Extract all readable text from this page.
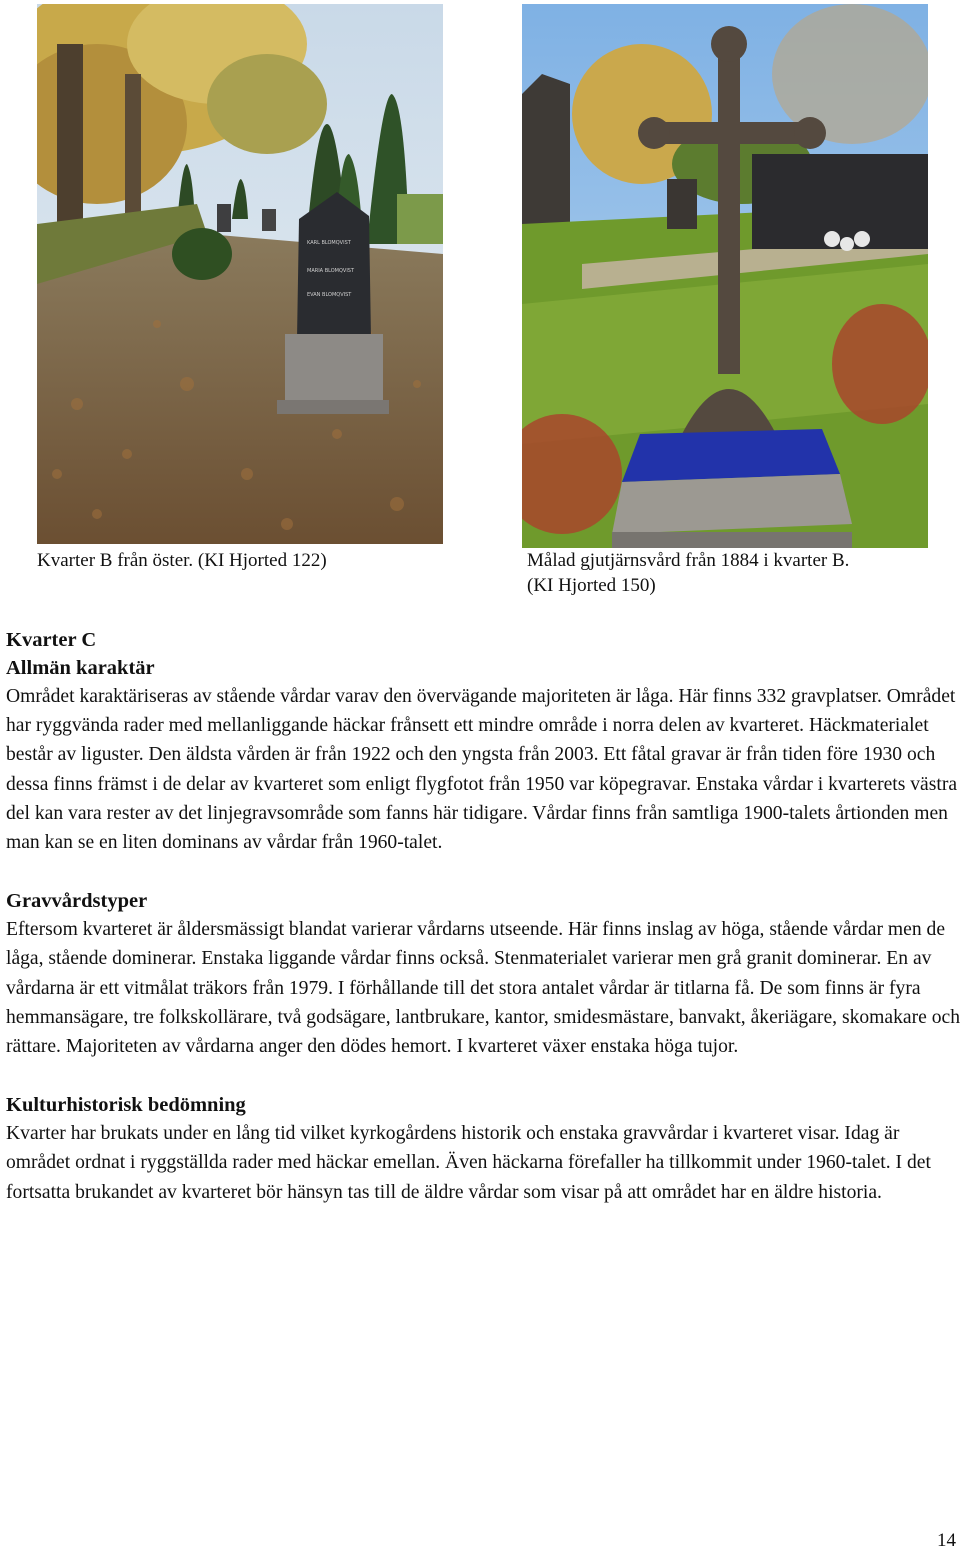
KARL BLOMQVIST
MARIA BLOMQVIST
EVAN BLOMQVIST
Kvarter B från öster. (KI Hjorted 122)	Målad gjutjärnsvård från 1884 i kvarter B.
(KI Hjorted 150)
Kvarter C
Allmän karaktär

Området karaktäriseras av stående vårdar varav den övervägande majoriteten är låga. Här finns 332 gravplatser. Området har ryggvända rader med mellanliggande häckar frånsett ett mindre område i norra delen av kvarteret. Häckmaterialet består av liguster. Den äldsta vården är från 1922 och den yngsta från 2003. Ett fåtal gravar är från tiden före 1930 och dessa finns främst i de delar av kvarteret som enligt flygfotot från 1950 var köpegravar. Enstaka vårdar i kvarterets västra del kan vara rester av det linjegravsområde som fanns här tidigare. Vårdar finns från samtliga 1900-talets årtionden men man kan se en liten dominans av vårdar från 1960-talet.

Gravvårdstyper

Eftersom kvarteret är åldersmässigt blandat varierar vårdarns utseende. Här finns inslag av höga, stående vårdar men de låga, stående dominerar. Enstaka liggande vårdar finns också. Stenmaterialet varierar men grå granit dominerar. En av vårdarna är ett vitmålat träkors från 1979. I förhållande till det stora antalet vårdar är titlarna få. De som finns är fyra hemmansägare, tre folkskollärare, två godsägare, lantbrukare, kantor, smidesmästare, banvakt, åkeriägare, skomakare och rättare. Majoriteten av vårdarna anger den dödes hemort. I kvarteret växer enstaka höga tujor.

Kulturhistorisk bedömning

Kvarter har brukats under en lång tid vilket kyrkogårdens historik och enstaka gravvårdar i kvarteret visar. Idag är området ordnat i ryggställda rader med häckar emellan. Även häckarna förefaller ha tillkommit under 1960-talet. I det fortsatta brukandet av kvarteret bör hänsyn tas till de äldre vårdar som visar på att området har en äldre historia.

14
